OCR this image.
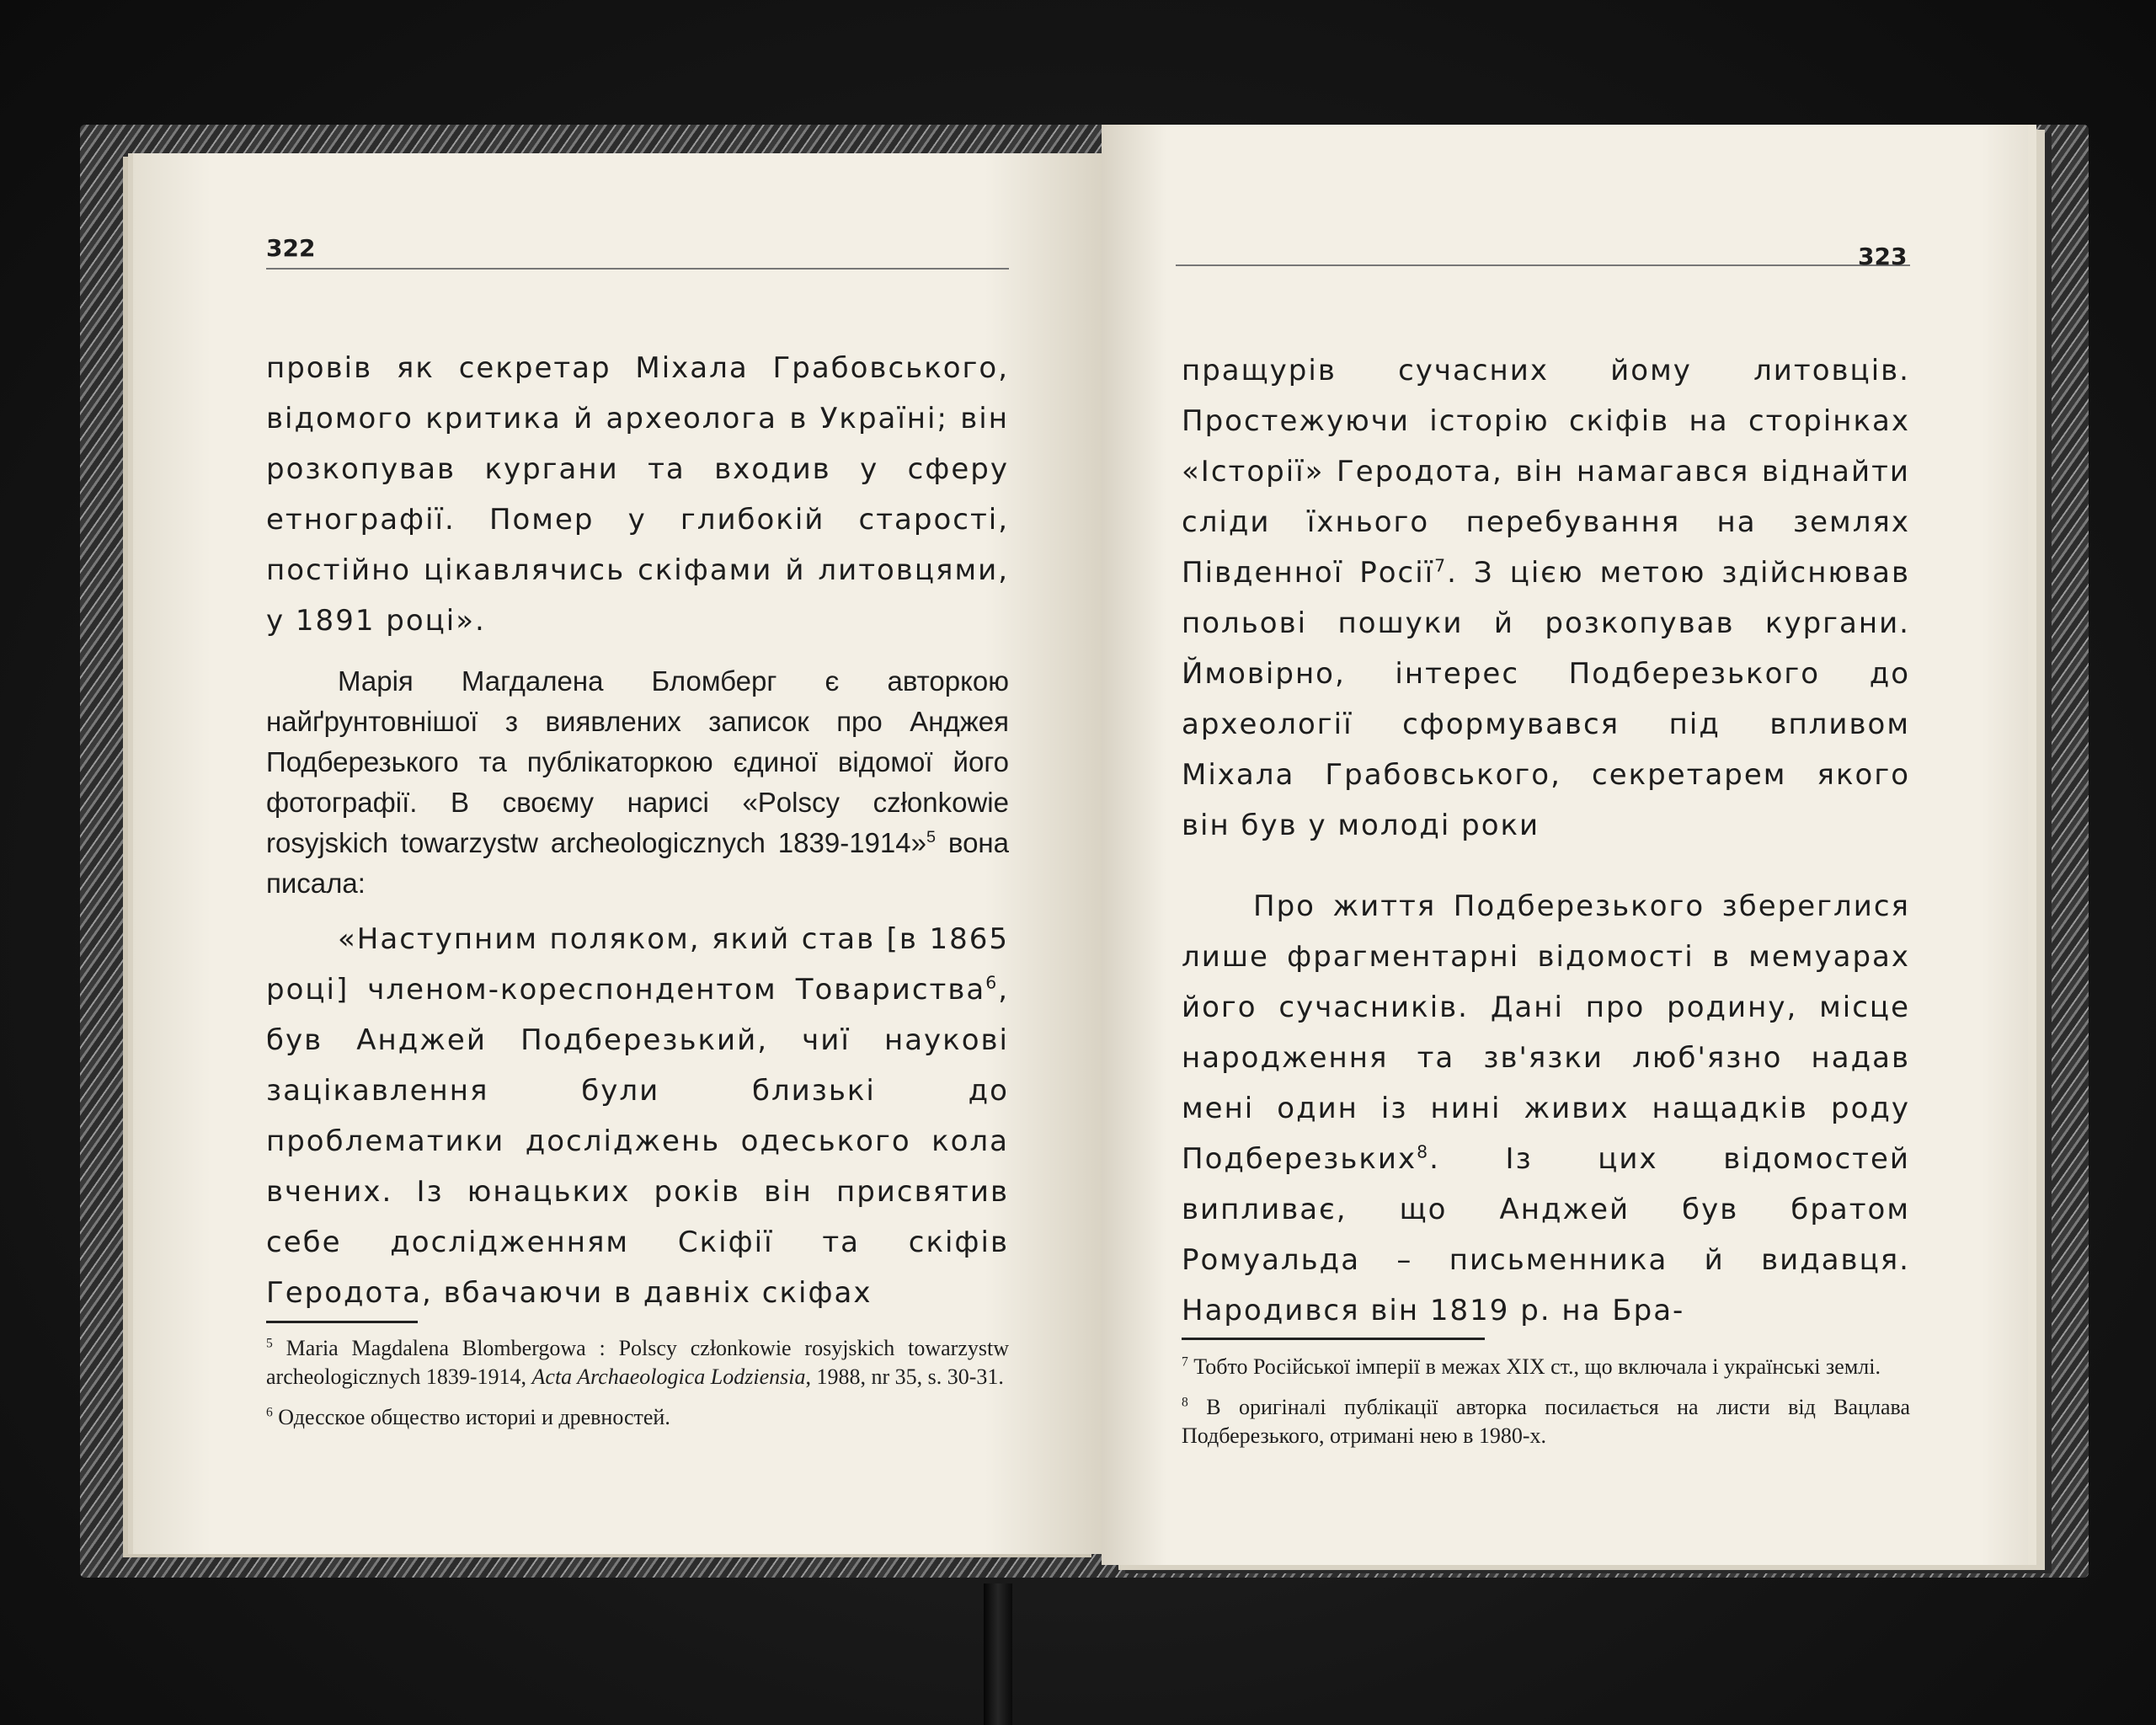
322

провів як секретар Міхала Грабовського, відомого критика й археолога в Україні; він розкопував кургани та входив у сферу етнографії. Помер у глибокій старості, постійно цікавлячись скіфами й литовцями, у 1891 році».

Марія Магдалена Бломберг є авторкою найґрунтовнішої з виявлених записок про Анджея Подберезького та публікаторкою єдиної відомої його фотографії. В своєму нарисі «Polscy członkowie rosyjskich towarzystw archeologicznych 1839-1914»$^5$ вона писала:

«Наступним поляком, який став [в 1865 році] членом-кореспондентом Товариства$^6$, був Анджей Подберезький, чиї наукові зацікавлення були близькі до проблематики досліджень одеського кола вчених. Із юнацьких років він присвятив себе дослідженням Скіфії та скіфів Геродота, вбачаючи в давніх скіфах

$^5$ Maria Magdalena Blombergowa : Polscy członkowie rosyjskich towarzystw archeologicznych 1839-1914, Acta Archaeologica Lodziensia, 1988, nr 35, s. 30-31.

$^6$ Одесское общество историі и древностей.

323

пращурів сучасних йому литовців. Простежуючи історію скіфів на сторінках «Історії» Геродота, він намагався віднайти сліди їхнього перебування на землях Південної Росії$^7$. З цією метою здійснював польові пошуки й розкопував кургани. Ймовірно, інтерес Подберезького до археології сформувався під впливом Міхала Грабовського, секретарем якого він був у молоді роки

Про життя Подберезького збереглися лише фрагментарні відомості в мемуарах його сучасників. Дані про родину, місце народження та зв'язки люб'язно надав мені один із нині живих нащадків роду Подберезьких$^8$. Із цих відомостей випливає, що Анджей був братом Ромуальда – письменника й видавця. Народився він 1819 р. на Бра-

$^7$ Тобто Російської імперії в межах XIX ст., що включала і українські землі.

$^8$ В оригіналі публікації авторка посилається на листи від Вацлава Подберезького, отримані нею в 1980-х.
